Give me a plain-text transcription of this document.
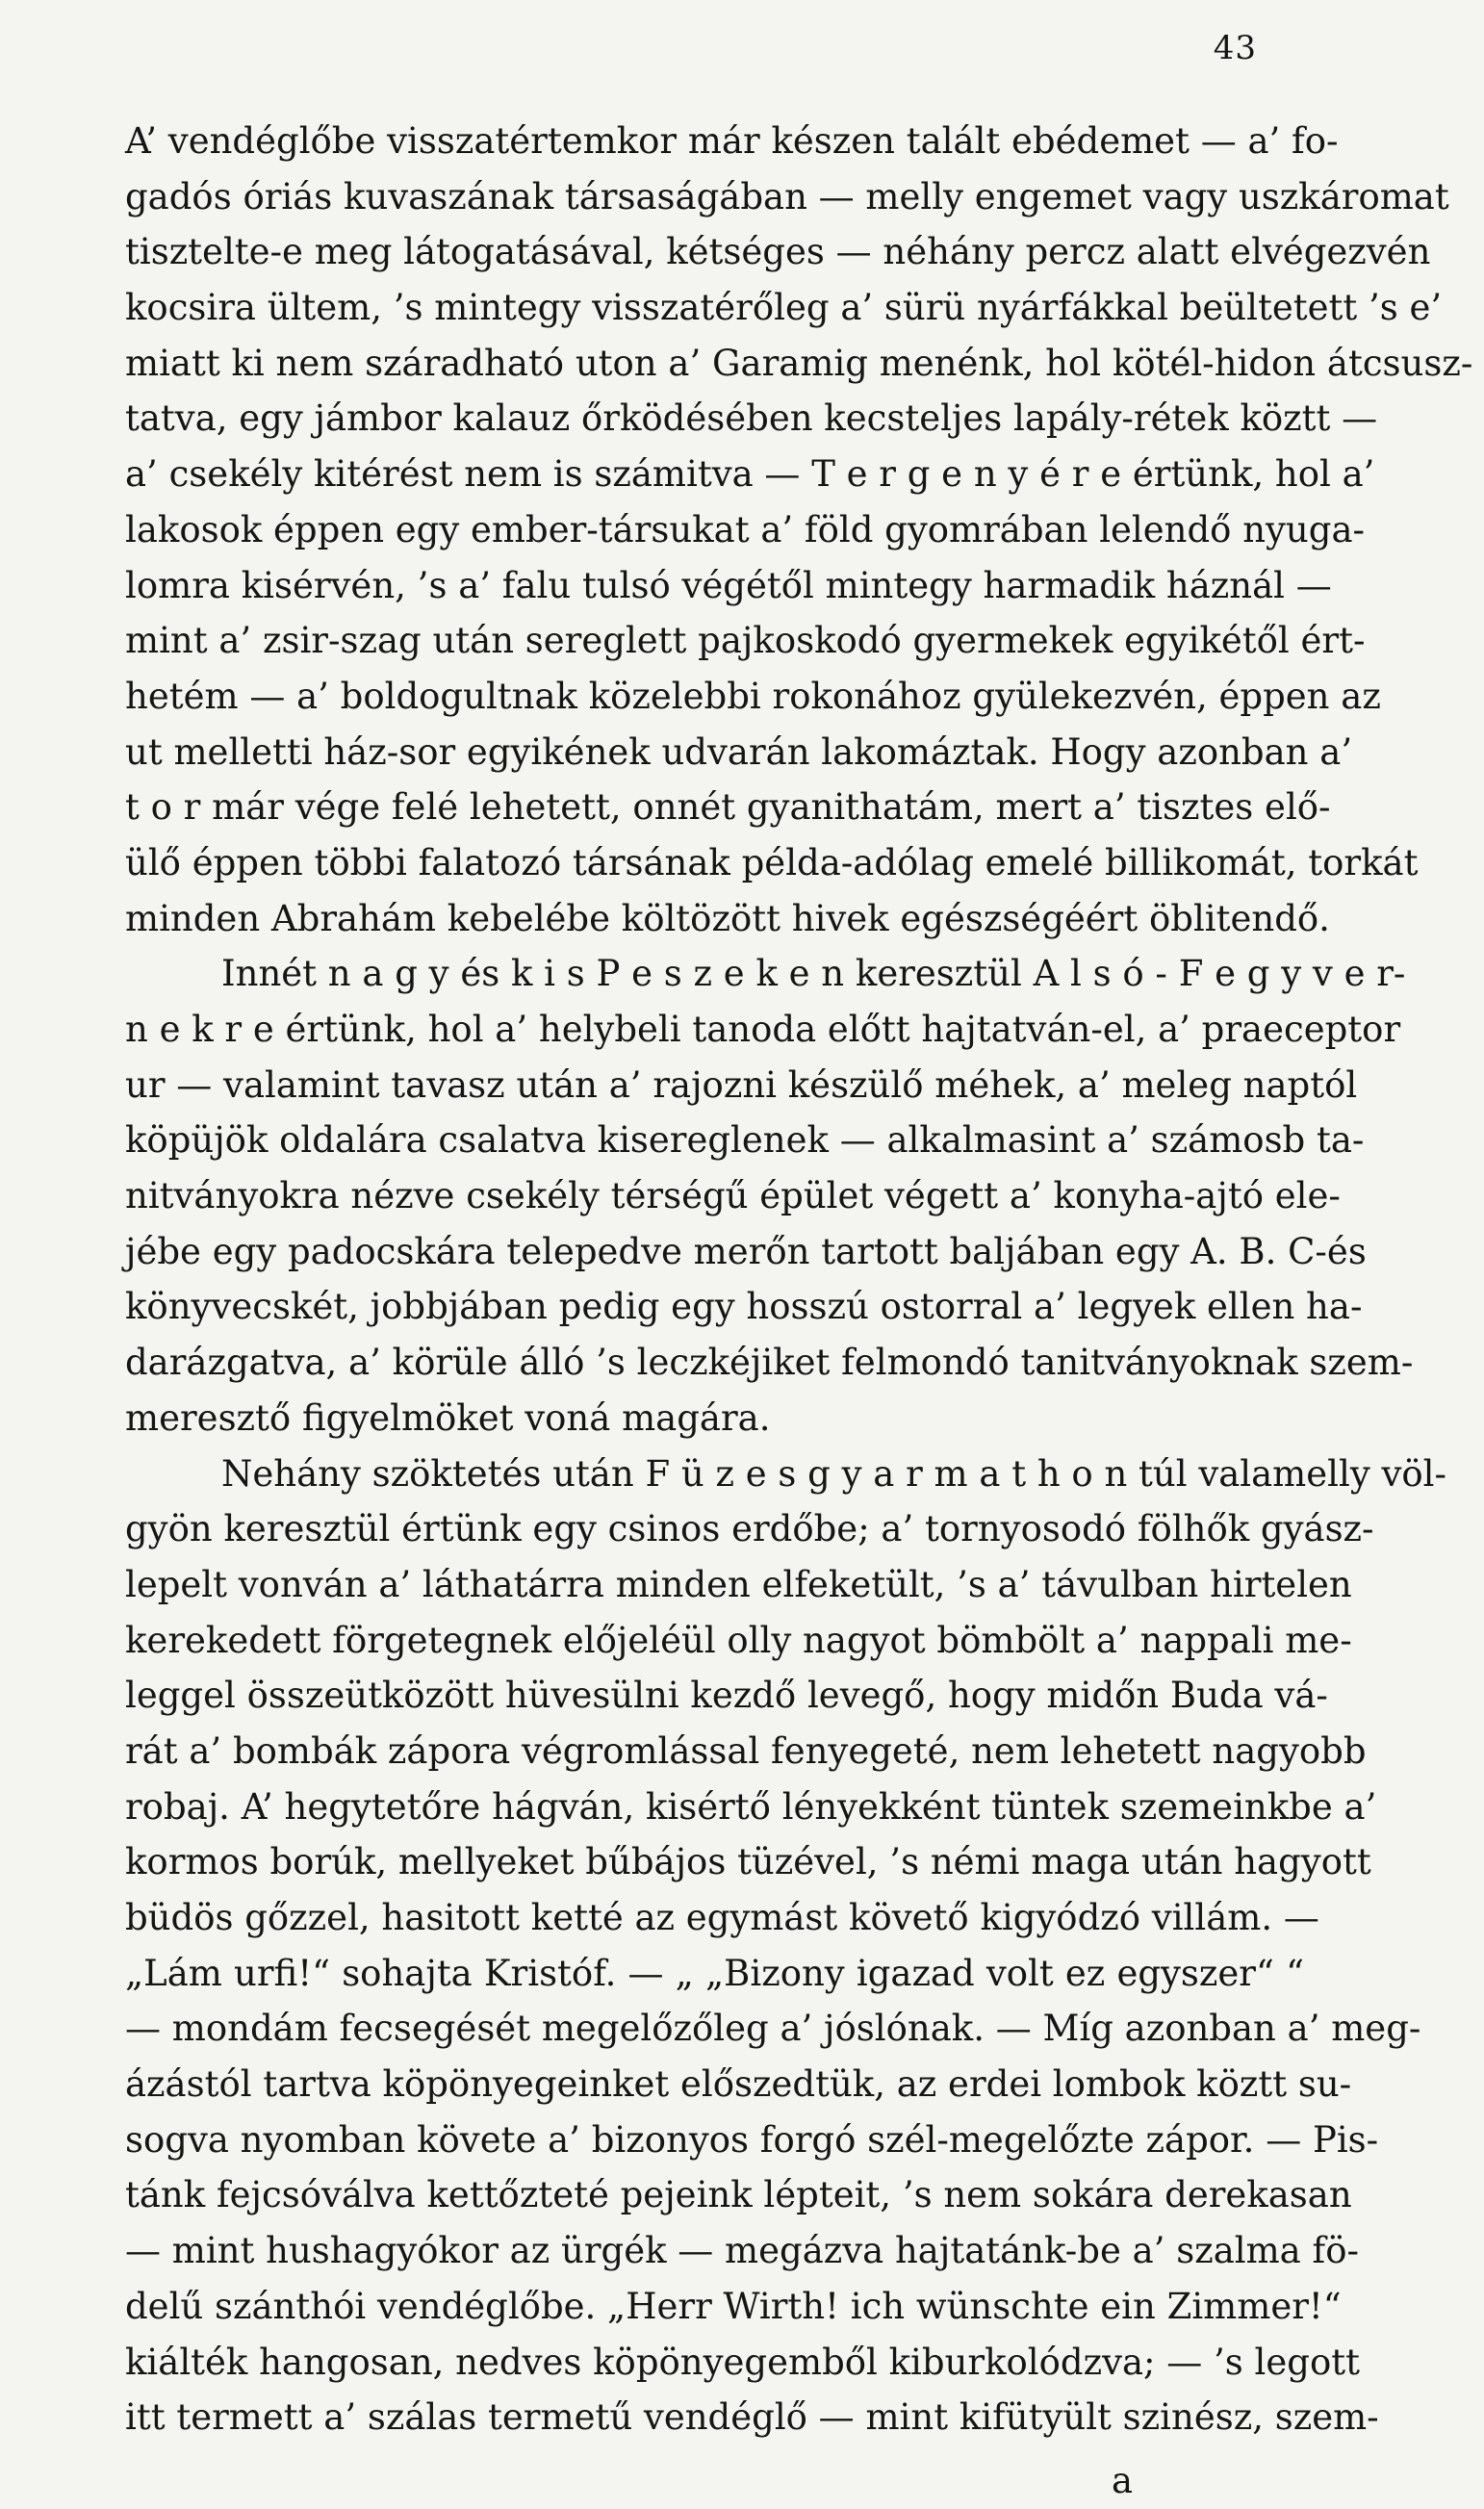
43
A’ vendéglőbe visszatértemkor már készen talált ebédemet — a’ fo-
gadós óriás kuvaszának társaságában — melly engemet vagy uszkáromat
tisztelte-e meg látogatásával, kétséges — néhány percz alatt elvégezvén
kocsira ültem, ’s mintegy visszatérőleg a’ sürü nyárfákkal beültetett ’s e’
miatt ki nem száradható uton a’ Garamig menénk, hol kötél-hidon átcsusz-
tatva, egy jámbor kalauz őrködésében kecsteljes lapály-rétek köztt —
a’ csekély kitérést nem is számitva — T e r g e n y é r e értünk, hol a’
lakosok éppen egy ember-társukat a’ föld gyomrában lelendő nyuga-
lomra kisérvén, ’s a’ falu tulsó végétől mintegy harmadik háznál —
mint a’ zsir-szag után sereglett pajkoskodó gyermekek egyikétől ért-
hetém — a’ boldogultnak közelebbi rokonához gyülekezvén, éppen az
ut melletti ház-sor egyikének udvarán lakomáztak. Hogy azonban a’
t o r már vége felé lehetett, onnét gyanithatám, mert a’ tisztes elő-
ülő éppen többi falatozó társának példa-adólag emelé billikomát, torkát
minden Abrahám kebelébe költözött hivek egészségéért öblitendő.
Innét n a g y és k i s P e s z e k e n keresztül A l s ó - F e g y v e r-
n e k r e értünk, hol a’ helybeli tanoda előtt hajtatván-el, a’ praeceptor
ur — valamint tavasz után a’ rajozni készülő méhek, a’ meleg naptól
köpüjök oldalára csalatva kisereglenek — alkalmasint a’ számosb ta-
nitványokra nézve csekély térségű épület végett a’ konyha-ajtó ele-
jébe egy padocskára telepedve merőn tartott baljában egy A. B. C-és
könyvecskét, jobbjában pedig egy hosszú ostorral a’ legyek ellen ha-
darázgatva, a’ körüle álló ’s leczkéjiket felmondó tanitványoknak szem-
meresztő figyelmöket voná magára.
Nehány szöktetés után F ü z e s g y a r m a t h o n túl valamelly völ-
gyön keresztül értünk egy csinos erdőbe; a’ tornyosodó fölhők gyász-
lepelt vonván a’ láthatárra minden elfeketült, ’s a’ távulban hirtelen
kerekedett förgetegnek előjeléül olly nagyot bömbölt a’ nappali me-
leggel összeütközött hüvesülni kezdő levegő, hogy midőn Buda vá-
rát a’ bombák zápora végromlással fenyegeté, nem lehetett nagyobb
robaj. A’ hegytetőre hágván, kisértő lényekként tüntek szemeinkbe a’
kormos borúk, mellyeket bűbájos tüzével, ’s némi maga után hagyott
büdös gőzzel, hasitott ketté az egymást követő kigyódzó villám. —
„Lám urfi!“ sohajta Kristóf. — „ „Bizony igazad volt ez egyszer“ “
— mondám fecsegését megelőzőleg a’ jóslónak. — Míg azonban a’ meg-
ázástól tartva köpönyegeinket előszedtük, az erdei lombok köztt su-
sogva nyomban követe a’ bizonyos forgó szél-megelőzte zápor. — Pis-
tánk fejcsóválva kettőzteté pejeink lépteit, ’s nem sokára derekasan
— mint hushagyókor az ürgék — megázva hajtatánk-be a’ szalma fö-
delű szánthói vendéglőbe. „Herr Wirth! ich wünschte ein Zimmer!“
kiálték hangosan, nedves köpönyegemből kiburkolódzva; — ’s legott
itt termett a’ szálas termetű vendéglő — mint kifütyült szinész, szem-
a
